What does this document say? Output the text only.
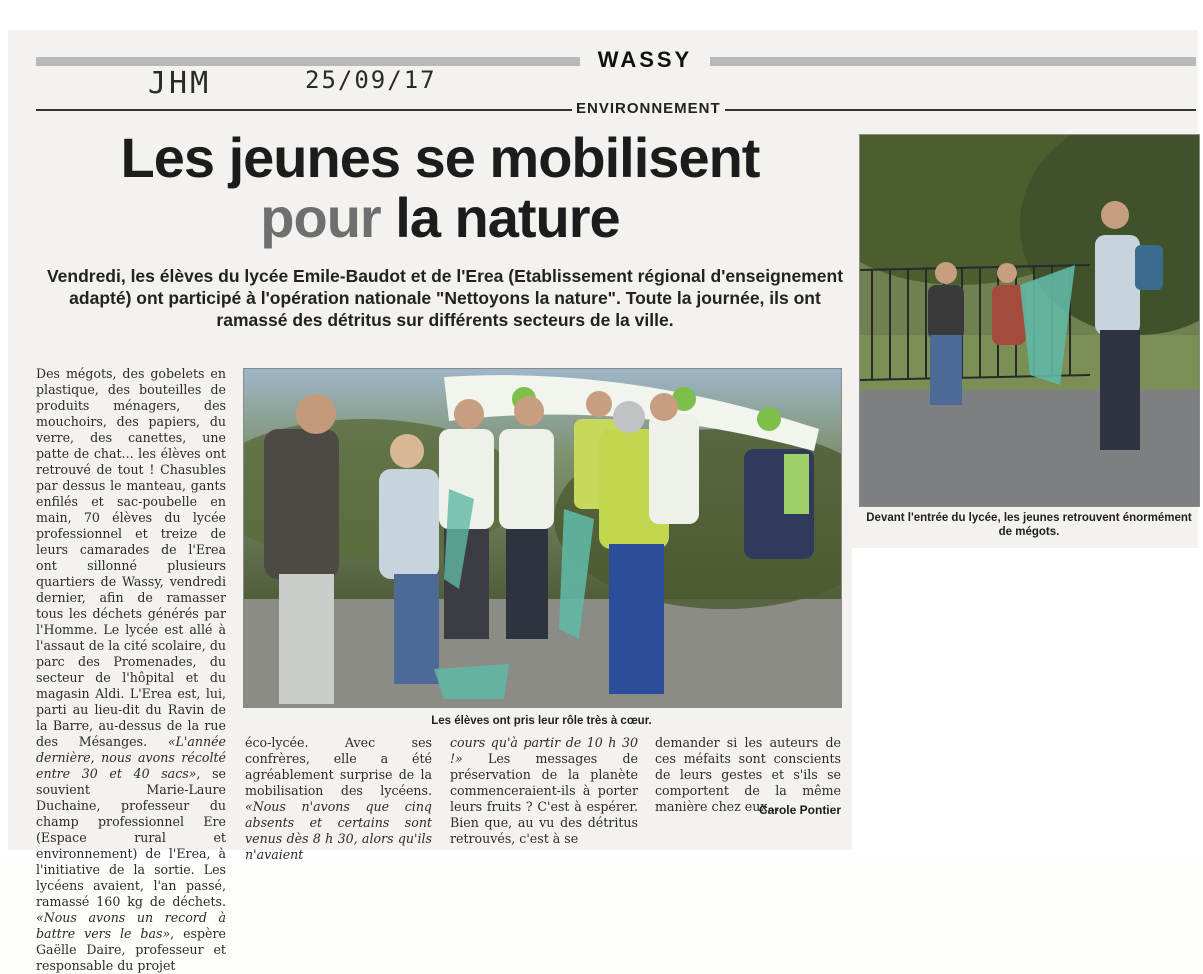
JHM	25/09/17
WASSY
ENVIRONNEMENT
Les jeunes se mobilisent
pour la nature
Vendredi, les élèves du lycée Emile-Baudot et de l'Erea (Etablissement régional d'enseignement adapté) ont participé à l'opération nationale "Nettoyons la nature". Toute la journée, ils ont ramassé des détritus sur différents secteurs de la ville.
Les élèves ont pris leur rôle très à cœur.
Devant l'entrée du lycée, les jeunes retrouvent énormément de mégots.
Des mégots, des gobelets en plastique, des bouteilles de produits ménagers, des mouchoirs, des papiers, du verre, des canettes, une patte de chat... les élèves ont retrouvé de tout ! Chasubles par dessus le manteau, gants enfilés et sac-poubelle en main, 70 élèves du lycée professionnel et treize de leurs camarades de l'Erea ont sillonné plusieurs quartiers de Wassy, vendredi dernier, afin de ramasser tous les déchets générés par l'Homme. Le lycée est allé à l'assaut de la cité scolaire, du parc des Promenades, du secteur de l'hôpital et du magasin Aldi. L'Erea est, lui, parti au lieu-dit du Ravin de la Barre, au-dessus de la rue des Mésanges. «L'année dernière, nous avons récolté entre 30 et 40 sacs», se souvient Marie-Laure Duchaine, professeur du champ professionnel Ere (Espace rural et environnement) de l'Erea, à l'initiative de la sortie. Les lycéens avaient, l'an passé, ramassé 160 kg de déchets. «Nous avons un record à battre vers le bas», espère Gaëlle Daire, professeur et responsable du projet
éco-lycée. Avec ses confrères, elle a été agréablement surprise de la mobilisation des lycéens. «Nous n'avons que cinq absents et certains sont venus dès 8 h 30, alors qu'ils n'avaient
cours qu'à partir de 10 h 30 !» Les messages de préservation de la planète commenceraient-ils à porter leurs fruits ? C'est à espérer. Bien que, au vu des détritus retrouvés, c'est à se
demander si les auteurs de ces méfaits sont conscients de leurs gestes et s'ils se comportent de la même manière chez eux...
Carole Pontier
